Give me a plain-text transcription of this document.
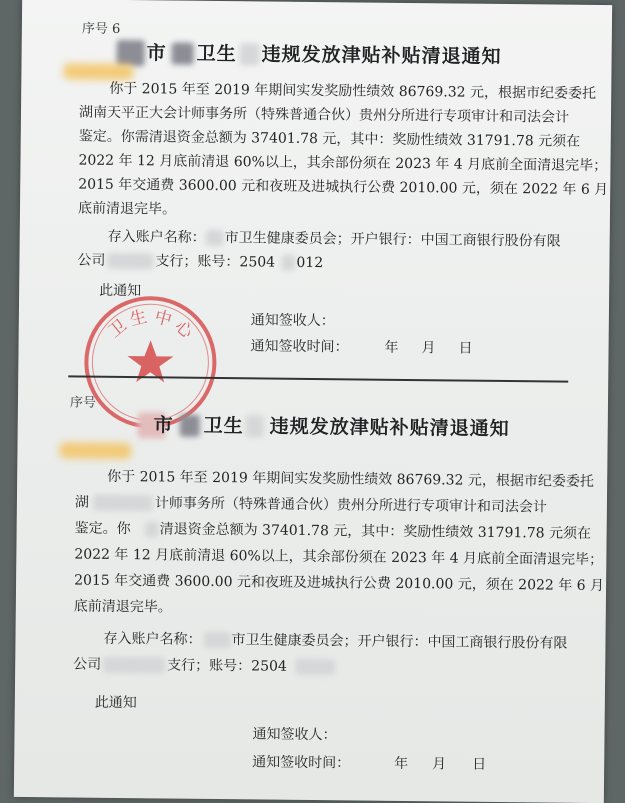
序号 6
市 卫生 违规发放津贴补贴清退通知
你于 2015 年至 2019 年期间实发奖励性绩效 86769.32 元，根据市纪委委托
湖南天平正大会计师事务所（特殊普通合伙）贵州分所进行专项审计和司法会计
鉴定。你需清退资金总额为 37401.78 元，其中：奖励性绩效 31791.78 元须在
2022 年 12 月底前清退 60%以上，其余部份须在 2023 年 4 月底前全面清退完毕；
2015 年交通费 3600.00 元和夜班及进城执行公费 2010.00 元，须在 2022 年 6 月
底前清退完毕。
存入账户名称： 市卫生健康委员会；开户银行：中国工商银行股份有限
公司	支行；账号：2504 012
此通知
通知签收人：
通知签收时间：	年 月 日
卫
生 中
心
序号
市 卫生 违规发放津贴补贴清退通知
你于 2015 年至 2019 年期间实发奖励性绩效 86769.32 元，根据市纪委委托
湖	计师事务所（特殊普通合伙）贵州分所进行专项审计和司法会计
鉴定。你 清退资金总额为 37401.78 元，其中：奖励性绩效 31791.78 元须在
2022 年 12 月底前清退 60%以上，其余部份须在 2023 年 4 月底前全面清退完毕；
2015 年交通费 3600.00 元和夜班及进城执行公费 2010.00 元，须在 2022 年 6 月
底前清退完毕。
存入账户名称： 市卫生健康委员会；开户银行：中国工商银行股份有限
公司	支行；账号：2504
此通知
通知签收人：
通知签收时间：	年 月 日
